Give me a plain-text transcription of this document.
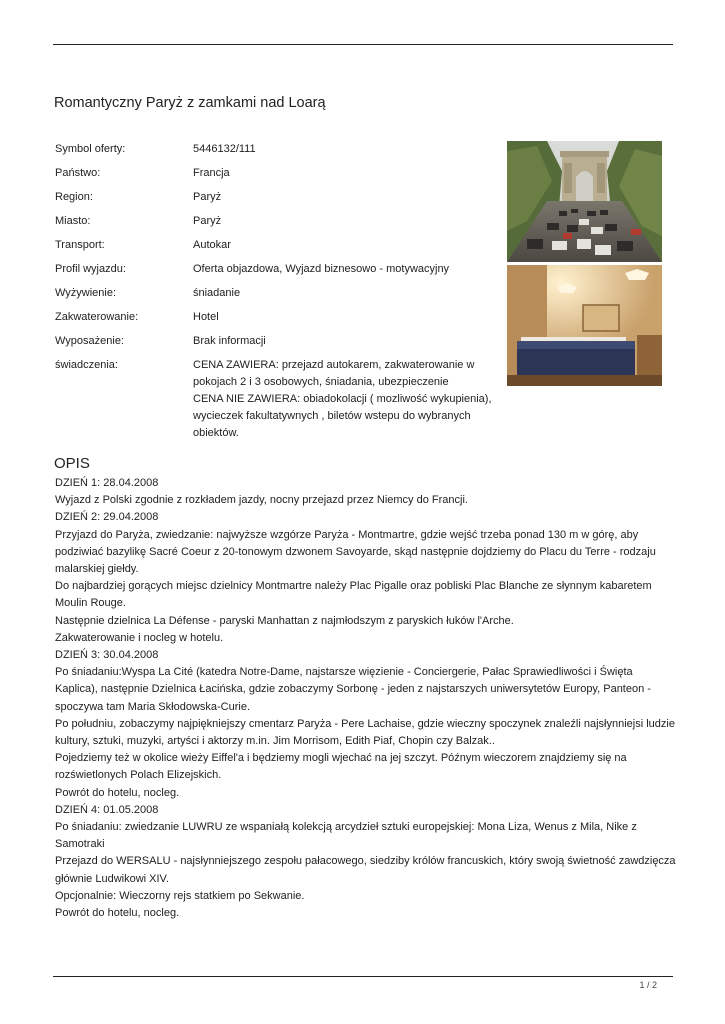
Romantyczny Paryż z zamkami nad Loarą
Symbol oferty:	5446132/111
Państwo:	Francja
Region:	Paryż
Miasto:	Paryż
Transport:	Autokar
Profil wyjazdu:	Oferta objazdowa, Wyjazd biznesowo - motywacyjny
Wyżywienie:	śniadanie
Zakwaterowanie:	Hotel
Wyposażenie:	Brak informacji
świadczenia:	CENA ZAWIERA: przejazd autokarem, zakwaterowanie w
pokojach 2 i 3 osobowych, śniadania, ubezpieczenie
CENA NIE ZAWIERA: obiadokolacji ( mozliwość wykupienia),
wycieczek fakultatywnych , biletów wstepu do wybranych
obiektów.
OPIS
DZIEŃ 1: 28.04.2008
Wyjazd z Polski zgodnie z rozkładem jazdy, nocny przejazd przez Niemcy do Francji.
DZIEŃ 2: 29.04.2008
Przyjazd do Paryża, zwiedzanie: najwyższe wzgórze Paryża - Montmartre, gdzie wejść trzeba ponad 130 m w górę, aby
podziwiać bazylikę Sacré Coeur z 20-tonowym dzwonem Savoyarde, skąd następnie dojdziemy do Placu du Terre - rodzaju
malarskiej giełdy.
Do najbardziej gorących miejsc dzielnicy Montmartre należy Plac Pigalle oraz pobliski Plac Blanche ze słynnym kabaretem
Moulin Rouge.
Następnie dzielnica La Défense - paryski Manhattan z najmłodszym z paryskich łuków l'Arche.
Zakwaterowanie i nocleg w hotelu.
DZIEŃ 3: 30.04.2008
Po śniadaniu:Wyspa La Cité (katedra Notre-Dame, najstarsze więzienie - Conciergerie, Pałac Sprawiedliwości i Święta
Kaplica), następnie Dzielnica Łacińska, gdzie zobaczymy Sorbonę - jeden z najstarszych uniwersytetów Europy, Panteon -
spoczywa tam Maria Skłodowska-Curie.
Po południu, zobaczymy najpiękniejszy cmentarz Paryża - Pere Lachaise, gdzie wieczny spoczynek znaleźli najsłynniejsi ludzie
kultury, sztuki, muzyki, artyści i aktorzy m.in. Jim Morrisom, Edith Piaf, Chopin czy Balzak..
Pojedziemy też w okolice wieży Eiffel'a i będziemy mogli wjechać na jej szczyt. Późnym wieczorem znajdziemy się na
rozświetlonych Polach Elizejskich.
Powrót do hotelu, nocleg.
DZIEŃ 4: 01.05.2008
Po śniadaniu: zwiedzanie LUWRU ze wspaniałą kolekcją arcydzieł sztuki europejskiej: Mona Liza, Wenus z Mila, Nike z
Samotraki
Przejazd do WERSALU - najsłynniejszego zespołu pałacowego, siedziby królów francuskich, który swoją świetność zawdzięcza
głównie Ludwikowi XIV.
Opcjonalnie: Wieczorny rejs statkiem po Sekwanie.
Powrót do hotelu, nocleg.
1 / 2
